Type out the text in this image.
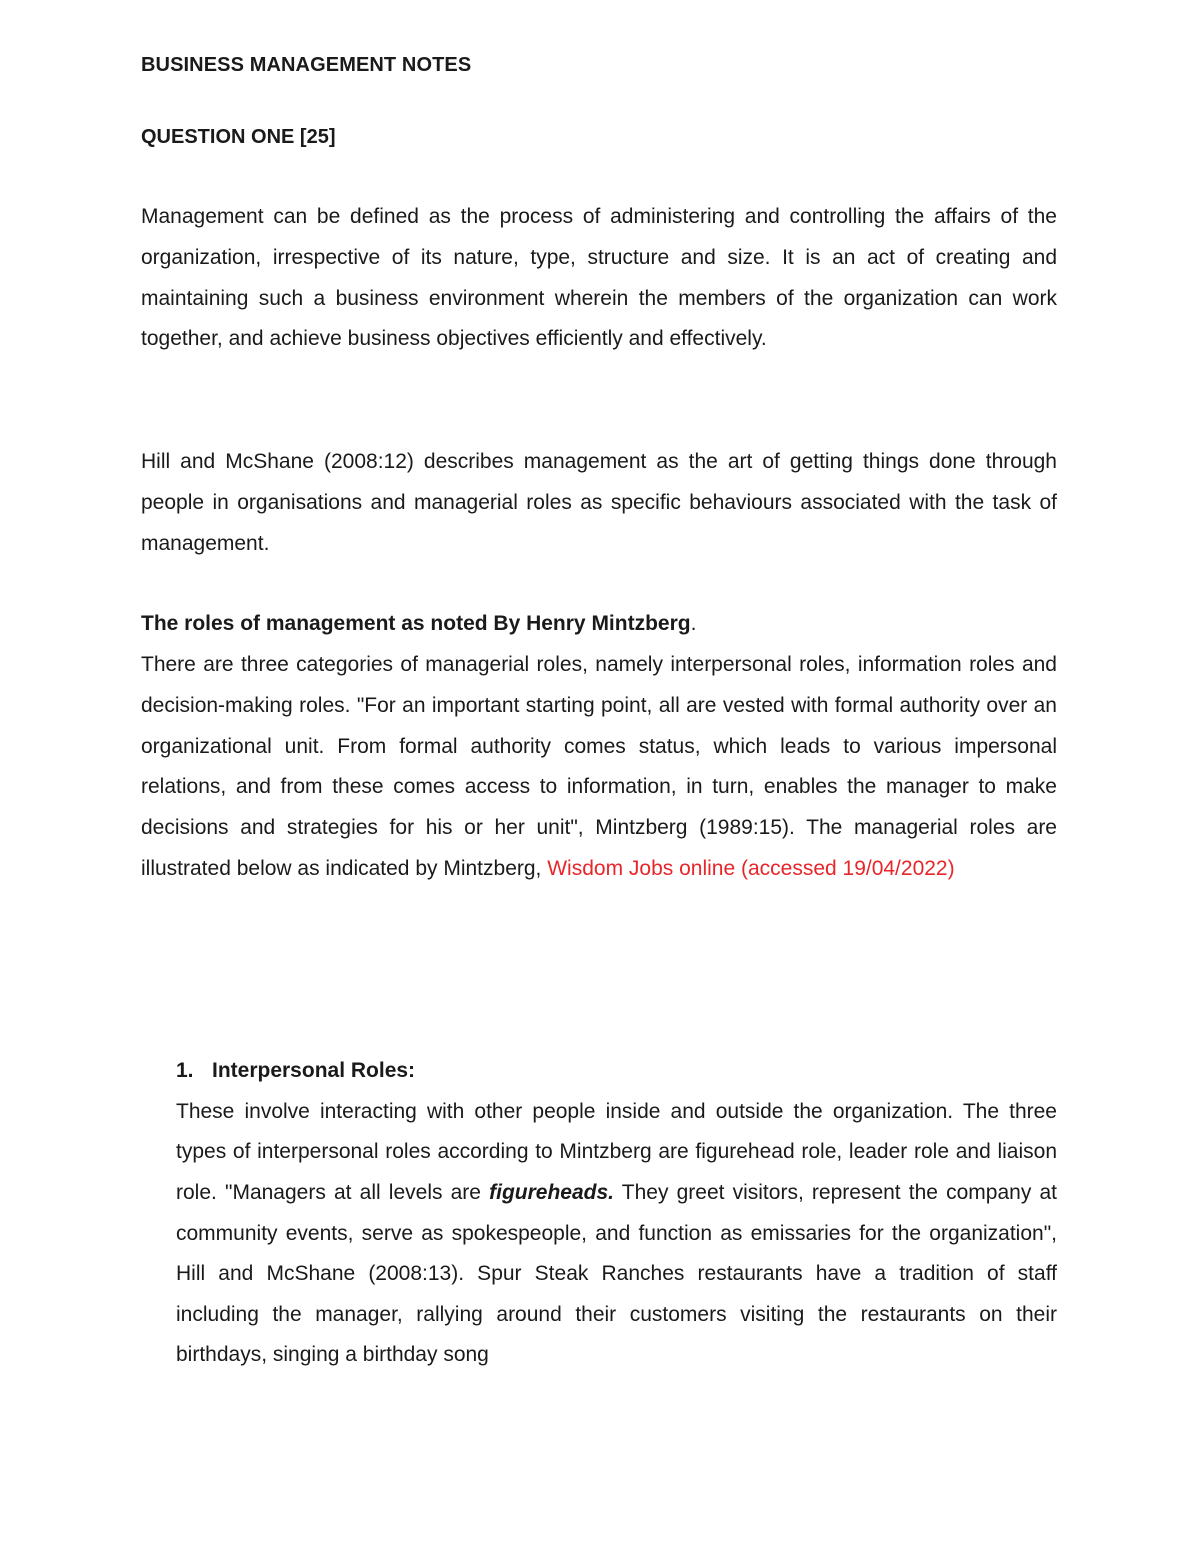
BUSINESS MANAGEMENT NOTES

QUESTION ONE [25]

Management can be defined as the process of administering and controlling the affairs of the organization, irrespective of its nature, type, structure and size. It is an act of creating and maintaining such a business environment wherein the members of the organization can work together, and achieve business objectives efficiently and effectively.

Hill and McShane (2008:12) describes management as the art of getting things done through people in organisations and managerial roles as specific behaviours associated with the task of management.

The roles of management as noted By Henry Mintzberg.

There are three categories of managerial roles, namely interpersonal roles, information roles and decision-making roles. "For an important starting point, all are vested with formal authority over an organizational unit. From formal authority comes status, which leads to various impersonal relations, and from these comes access to information, in turn, enables the manager to make decisions and strategies for his or her unit", Mintzberg (1989:15). The managerial roles are illustrated below as indicated by Mintzberg, Wisdom Jobs online (accessed 19/04/2022)

1. Interpersonal Roles:

These involve interacting with other people inside and outside the organization. The three types of interpersonal roles according to Mintzberg are figurehead role, leader role and liaison role. "Managers at all levels are figureheads. They greet visitors, represent the company at community events, serve as spokespeople, and function as emissaries for the organization", Hill and McShane (2008:13). Spur Steak Ranches restaurants have a tradition of staff including the manager, rallying around their customers visiting the restaurants on their birthdays, singing a birthday song
